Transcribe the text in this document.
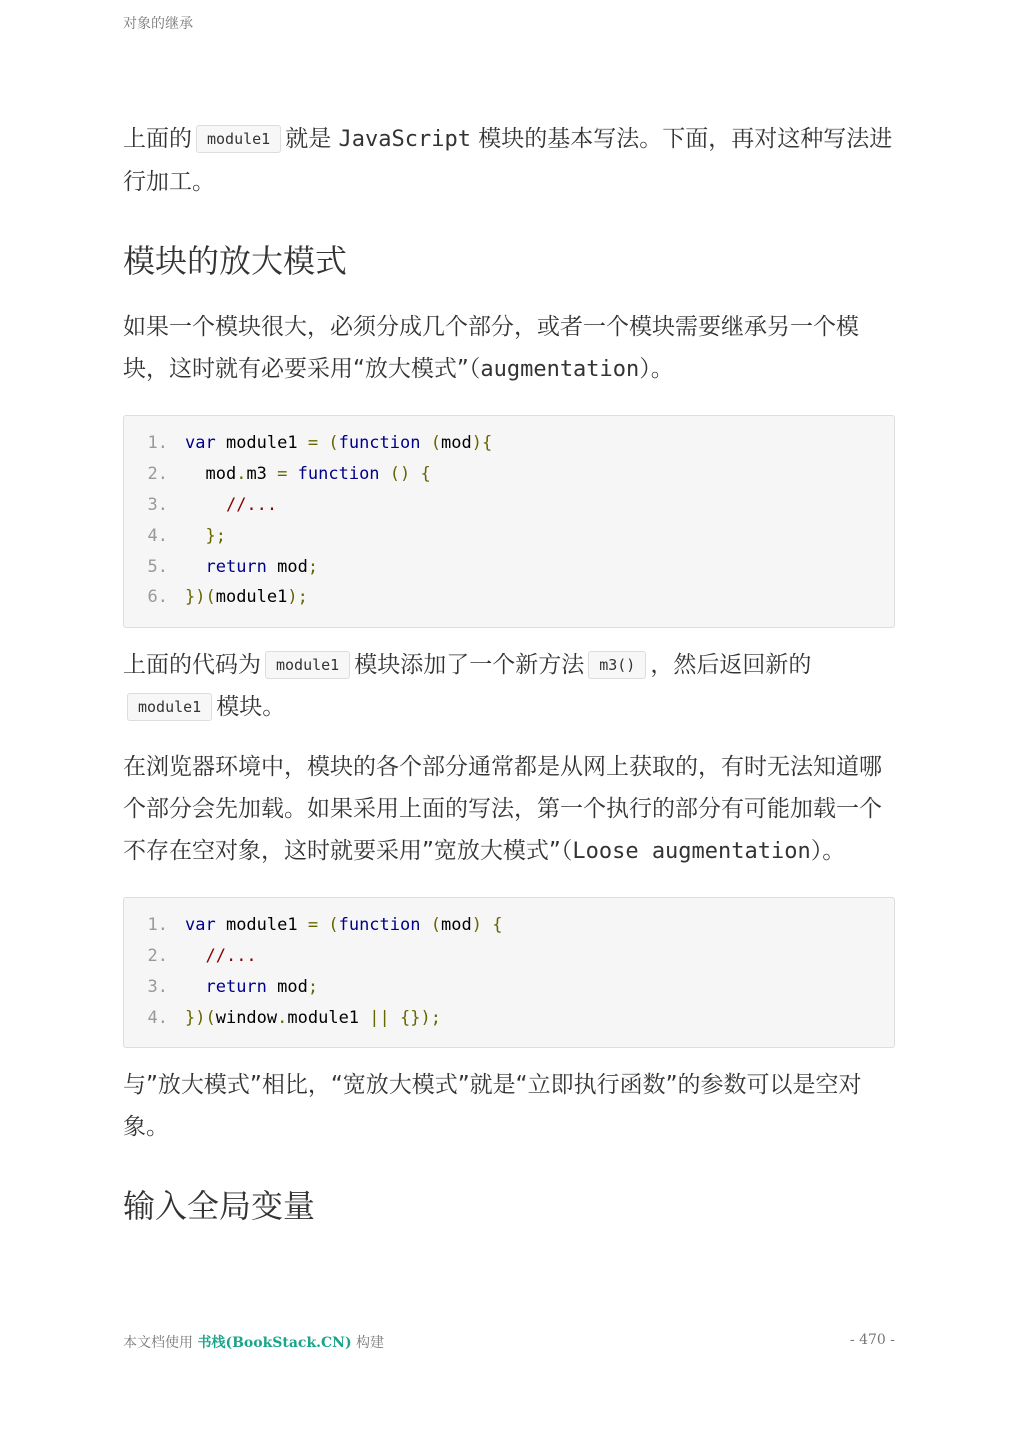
对象的继承

上面的 module1 就是 JavaScript 模块的基本写法。下面，再对这种写法进行加工。

模块的放大模式

如果一个模块很大，必须分成几个部分，或者一个模块需要继承另一个模块，这时就有必要采用“放大模式”（augmentation）。

1.	var module1 = (function (mod){
2.	mod.m3 = function () {
3.	//...
4.	};
5.	return mod;
6.	})(module1);

上面的代码为 module1 模块添加了一个新方法 m3() ，然后返回新的module1 模块。

在浏览器环境中，模块的各个部分通常都是从网上获取的，有时无法知道哪个部分会先加载。如果采用上面的写法，第一个执行的部分有可能加载一个不存在空对象，这时就要采用”宽放大模式”（Loose augmentation）。

1.	var module1 = (function (mod) {
2.	//...
3.	return mod;
4.	})(window.module1 || {});

与”放大模式”相比，“宽放大模式”就是“立即执行函数”的参数可以是空对象。

输入全局变量
本文档使用 书栈(BookStack.CN) 构建	- 470 -
